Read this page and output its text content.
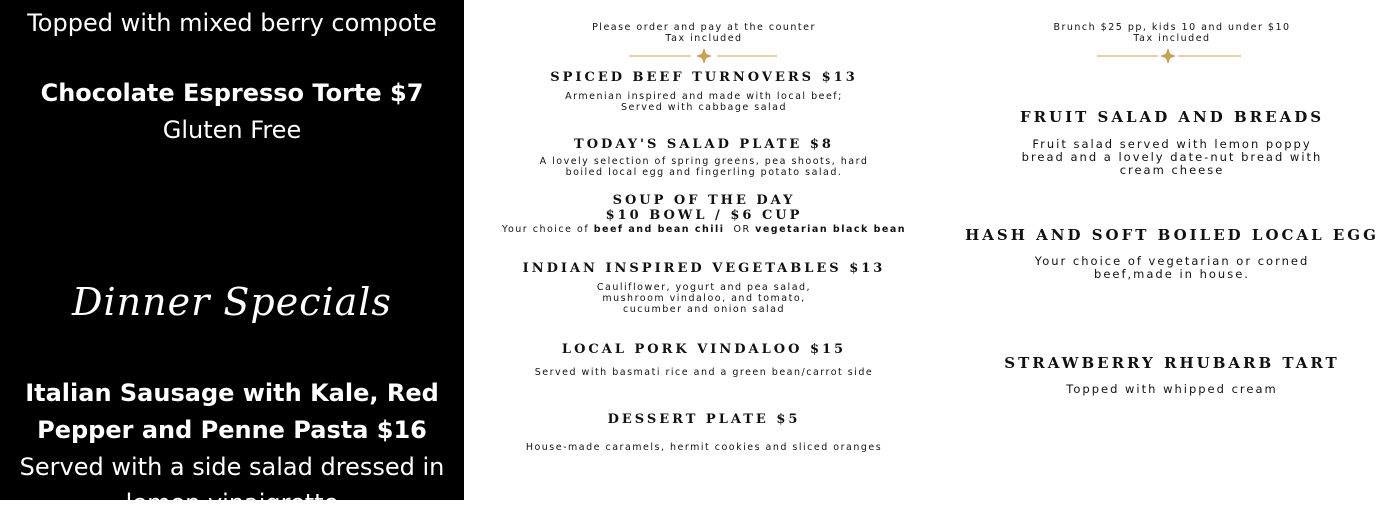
Topped with mixed berry compote
Chocolate Espresso Torte $7
Gluten Free
Dinner Specials
Italian Sausage with Kale, Red
Pepper and Penne Pasta $16
Served with a side salad dressed in
lemon vinaigrette
Please order and pay at the counter
Tax included
SPICED BEEF TURNOVERS $13
Armenian inspired and made with local beef;
Served with cabbage salad
TODAY'S SALAD PLATE $8
A lovely selection of spring greens, pea shoots, hard
boiled local egg and fingerling potato salad.
SOUP OF THE DAY
$10 BOWL / $6 CUP
Your choice of beef and bean chili  OR vegetarian black bean
INDIAN INSPIRED VEGETABLES $13
Cauliflower, yogurt and pea salad,
mushroom vindaloo, and tomato,
cucumber and onion salad
LOCAL PORK VINDALOO $15
Served with basmati rice and a green bean/carrot side
DESSERT PLATE $5
House-made caramels, hermit cookies and sliced oranges
Brunch $25 pp, kids 10 and under $10
Tax included
FRUIT SALAD AND BREADS
Fruit salad served with lemon poppy
bread and a lovely date-nut bread with
cream cheese
HASH AND SOFT BOILED LOCAL EGG
Your choice of vegetarian or corned
beef,made in house.
STRAWBERRY RHUBARB TART
Topped with whipped cream
